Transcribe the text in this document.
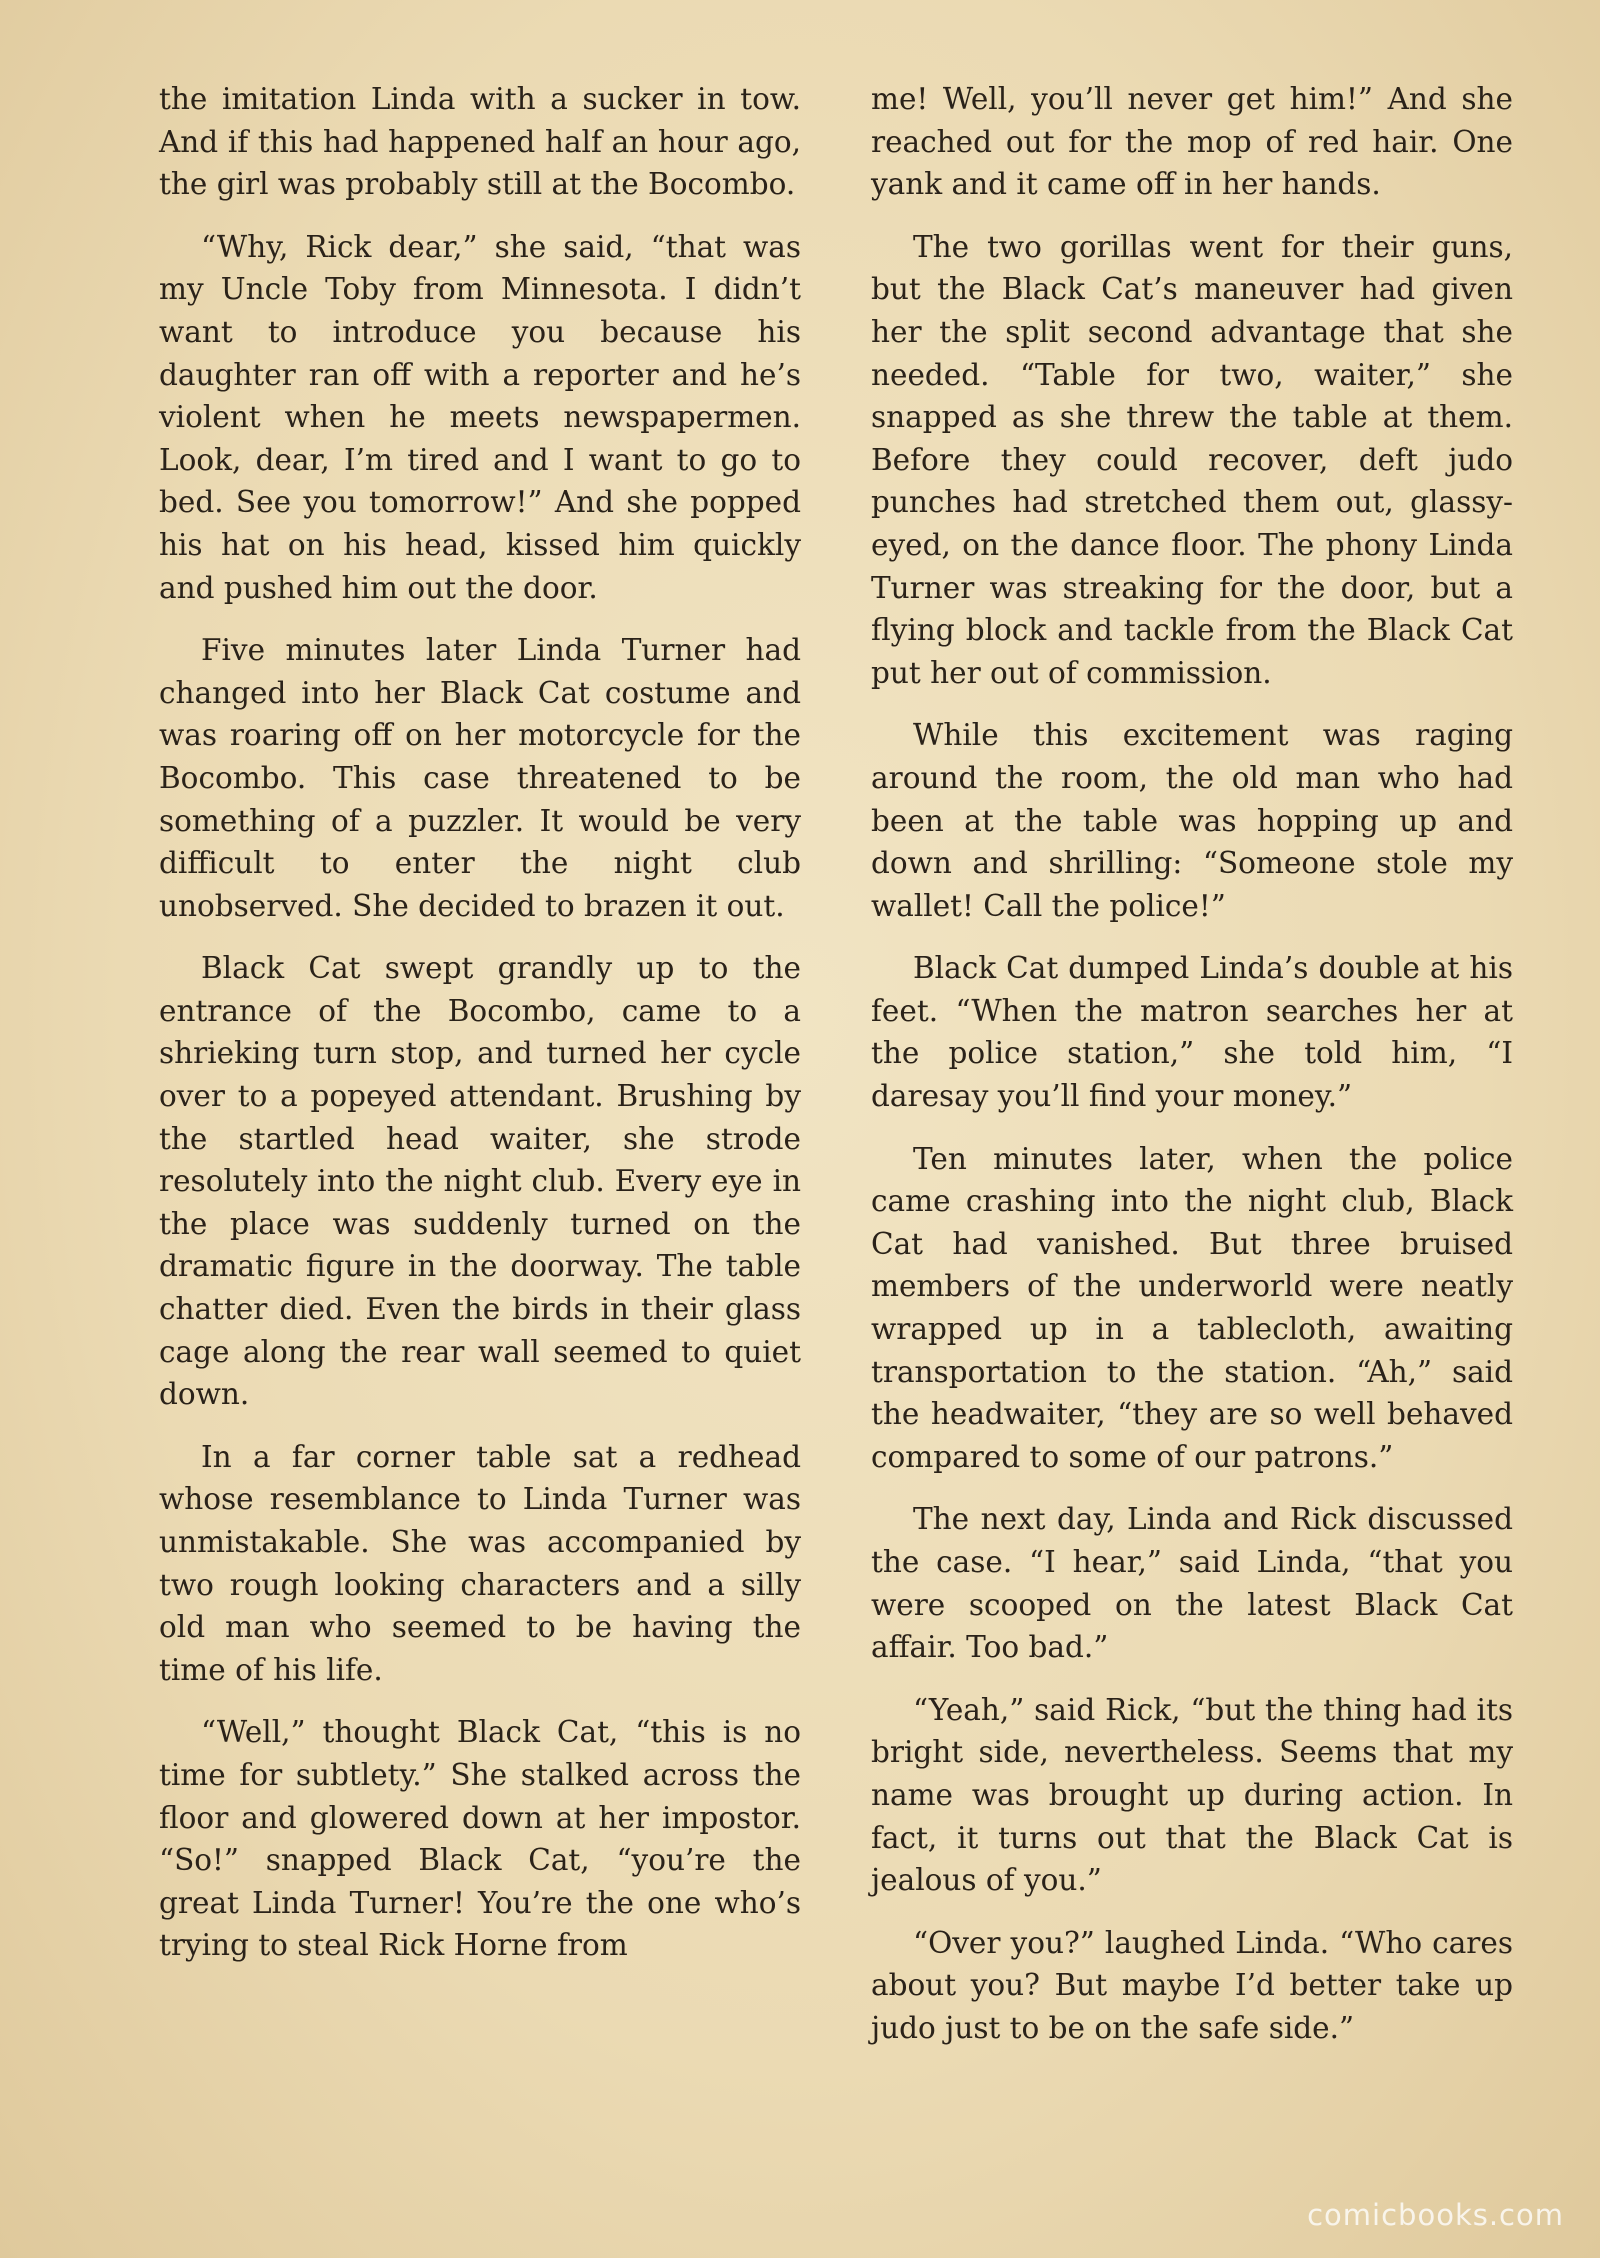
the imitation Linda with a sucker in tow. And if this had happened half an hour ago, the girl was probably still at the Bocombo.

“Why, Rick dear,” she said, “that was my Uncle Toby from Minnesota. I didn’t want to introduce you because his daughter ran off with a reporter and he’s violent when he meets newspapermen. Look, dear, I’m tired and I want to go to bed. See you tomorrow!” And she popped his hat on his head, kissed him quickly and pushed him out the door.

Five minutes later Linda Turner had changed into her Black Cat costume and was roaring off on her motorcycle for the Bocombo. This case threatened to be something of a puzzler. It would be very difficult to enter the night club unobserved. She decided to brazen it out.

Black Cat swept grandly up to the entrance of the Bocombo, came to a shrieking turn stop, and turned her cycle over to a popeyed attendant. Brushing by the startled head waiter, she strode resolutely into the night club. Every eye in the place was suddenly turned on the dramatic figure in the doorway. The table chatter died. Even the birds in their glass cage along the rear wall seemed to quiet down.

In a far corner table sat a redhead whose resemblance to Linda Turner was unmistakable. She was accompanied by two rough looking characters and a silly old man who seemed to be having the time of his life.

“Well,” thought Black Cat, “this is no time for subtlety.” She stalked across the floor and glowered down at her impostor. “So!” snapped Black Cat, “you’re the great Linda Turner! You’re the one who’s trying to steal Rick Horne from

me! Well, you’ll never get him!” And she reached out for the mop of red hair. One yank and it came off in her hands.

The two gorillas went for their guns, but the Black Cat’s maneuver had given her the split second advantage that she needed. “Table for two, waiter,” she snapped as she threw the table at them. Before they could recover, deft judo punches had stretched them out, glassy-eyed, on the dance floor. The phony Linda Turner was streaking for the door, but a flying block and tackle from the Black Cat put her out of commission.

While this excitement was raging around the room, the old man who had been at the table was hopping up and down and shrilling: “Someone stole my wallet! Call the police!”

Black Cat dumped Linda’s double at his feet. “When the matron searches her at the police station,” she told him, “I daresay you’ll find your money.”

Ten minutes later, when the police came crashing into the night club, Black Cat had vanished. But three bruised members of the underworld were neatly wrapped up in a tablecloth, awaiting transportation to the station. “Ah,” said the headwaiter, “they are so well behaved compared to some of our patrons.”

The next day, Linda and Rick discussed the case. “I hear,” said Linda, “that you were scooped on the latest Black Cat affair. Too bad.”

“Yeah,” said Rick, “but the thing had its bright side, nevertheless. Seems that my name was brought up during action. In fact, it turns out that the Black Cat is jealous of you.”

“Over you?” laughed Linda. “Who cares about you? But maybe I’d better take up judo just to be on the safe side.”

comicbooks.com
